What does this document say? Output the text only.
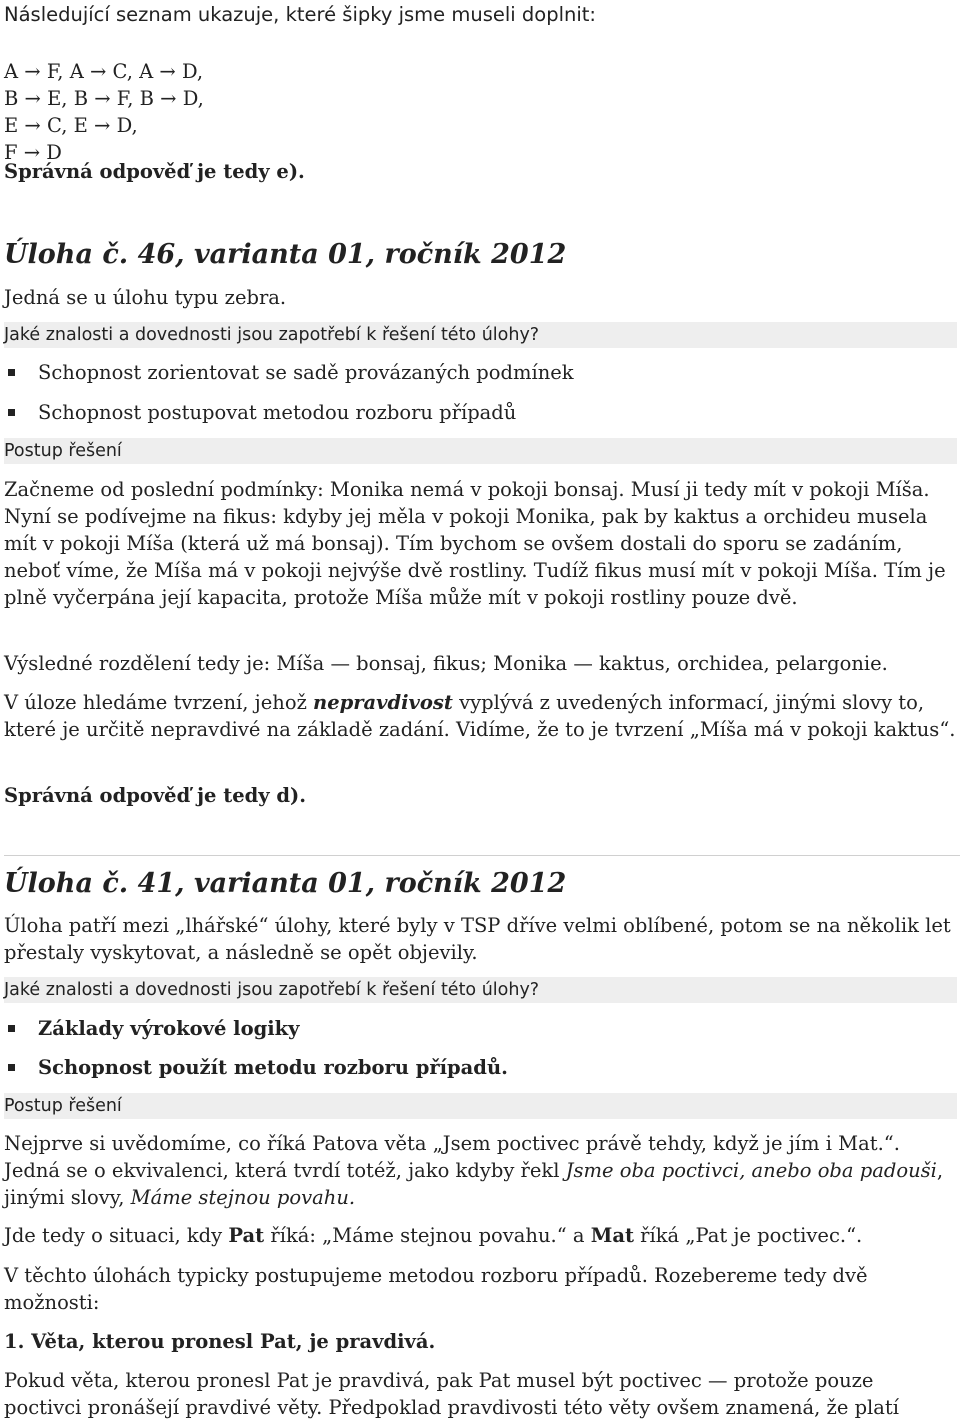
Následující seznam ukazuje, které šipky jsme museli doplnit:

A → F, A → C, A → D,

B → E, B → F, B → D,

E → C, E → D,

F → D

Správná odpověď je tedy e).

Úloha č. 46, varianta 01, ročník 2012

Jedná se u úlohu typu zebra.

Jaké znalosti a dovednosti jsou zapotřebí k řešení této úlohy?
Schopnost zorientovat se sadě provázaných podmínek
Schopnost postupovat metodou rozboru případů
Postup řešení

Začneme od poslední podmínky: Monika nemá v pokoji bonsaj. Musí ji tedy mít v pokoji Míša. Nyní se podívejme na fikus: kdyby jej měla v pokoji Monika, pak by kaktus a orchideu musela mít v pokoji Míša (která už má bonsaj). Tím bychom se ovšem dostali do sporu se zadáním, neboť víme, že Míša má v pokoji nejvýše dvě rostliny. Tudíž fikus musí mít v pokoji Míša. Tím je plně vyčerpána její kapacita, protože Míša může mít v pokoji rostliny pouze dvě.

Výsledné rozdělení tedy je: Míša — bonsaj, fikus; Monika — kaktus, orchidea, pelargonie.

V úloze hledáme tvrzení, jehož nepravdivost vyplývá z uvedených informací, jinými slovy to, které je určitě nepravdivé na základě zadání. Vidíme, že to je tvrzení „Míša má v pokoji kaktus“.

Správná odpověď je tedy d).

Úloha č. 41, varianta 01, ročník 2012

Úloha patří mezi „lhářské“ úlohy, které byly v TSP dříve velmi oblíbené, potom se na několik let přestaly vyskytovat, a následně se opět objevily.

Jaké znalosti a dovednosti jsou zapotřebí k řešení této úlohy?
Základy výrokové logiky
Schopnost použít metodu rozboru případů.
Postup řešení

Nejprve si uvědomíme, co říká Patova věta „Jsem poctivec právě tehdy, když je jím i Mat.“. Jedná se o ekvivalenci, která tvrdí totéž, jako kdyby řekl Jsme oba poctivci, anebo oba padouši, jinými slovy, Máme stejnou povahu.

Jde tedy o situaci, kdy Pat říká: „Máme stejnou povahu.“ a Mat říká „Pat je poctivec.“.

V těchto úlohách typicky postupujeme metodou rozboru případů. Rozebereme tedy dvě možnosti:

1. Věta, kterou pronesl Pat, je pravdivá.

Pokud věta, kterou pronesl Pat je pravdivá, pak Pat musel být poctivec — protože pouze poctivci pronášejí pravdivé věty. Předpoklad pravdivosti této věty ovšem znamená, že platí
